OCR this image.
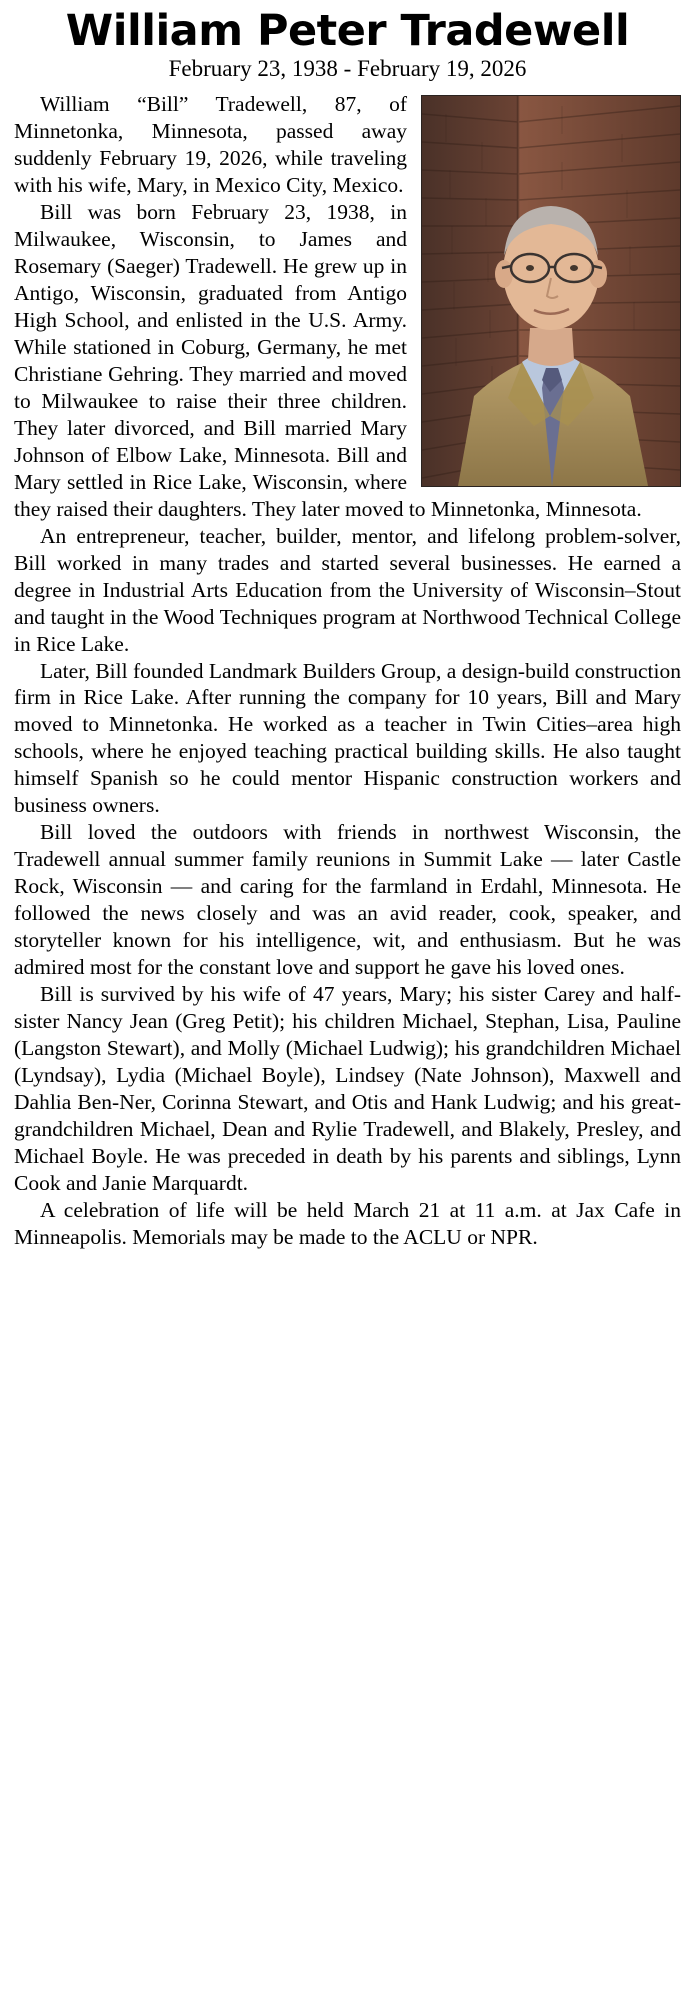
William Peter Tradewell
February 23, 1938 - February 19, 2026

William “Bill” Tradewell, 87, of Minnetonka, Minnesota, passed away suddenly February 19, 2026, while traveling with his wife, Mary, in Mexico City, Mexico.

Bill was born February 23, 1938, in Milwaukee, Wisconsin, to James and Rosemary (Saeger) Tradewell. He grew up in Antigo, Wisconsin, graduated from Antigo High School, and enlisted in the U.S. Army. While stationed in Coburg, Germany, he met Christiane Gehring. They married and moved to Milwaukee to raise their three children. They later divorced, and Bill married Mary Johnson of Elbow Lake, Minnesota. Bill and Mary settled in Rice Lake, Wisconsin, where they raised their daughters. They later moved to Minnetonka, Minnesota.

An entrepreneur, teacher, builder, mentor, and lifelong problem-solver, Bill worked in many trades and started several businesses. He earned a degree in Industrial Arts Education from the University of Wisconsin–Stout and taught in the Wood Techniques program at Northwood Technical College in Rice Lake.

Later, Bill founded Landmark Builders Group, a design-build construction firm in Rice Lake. After running the company for 10 years, Bill and Mary moved to Minnetonka. He worked as a teacher in Twin Cities–area high schools, where he enjoyed teaching practical building skills. He also taught himself Spanish so he could mentor Hispanic construction workers and business owners.

Bill loved the outdoors with friends in northwest Wisconsin, the Tradewell annual summer family reunions in Summit Lake — later Castle Rock, Wisconsin — and caring for the farmland in Erdahl, Minnesota. He followed the news closely and was an avid reader, cook, speaker, and storyteller known for his intelligence, wit, and enthusiasm. But he was admired most for the constant love and support he gave his loved ones.

Bill is survived by his wife of 47 years, Mary; his sister Carey and half-sister Nancy Jean (Greg Petit); his children Michael, Stephan, Lisa, Pauline (Langston Stewart), and Molly (Michael Ludwig); his grandchildren Michael (Lyndsay), Lydia (Michael Boyle), Lindsey (Nate Johnson), Maxwell and Dahlia Ben-Ner, Corinna Stewart, and Otis and Hank Ludwig; and his great-grandchildren Michael, Dean and Rylie Tradewell, and Blakely, Presley, and Michael Boyle. He was preceded in death by his parents and siblings, Lynn Cook and Janie Marquardt.

A celebration of life will be held March 21 at 11 a.m. at Jax Cafe in Minneapolis. Memorials may be made to the ACLU or NPR.
